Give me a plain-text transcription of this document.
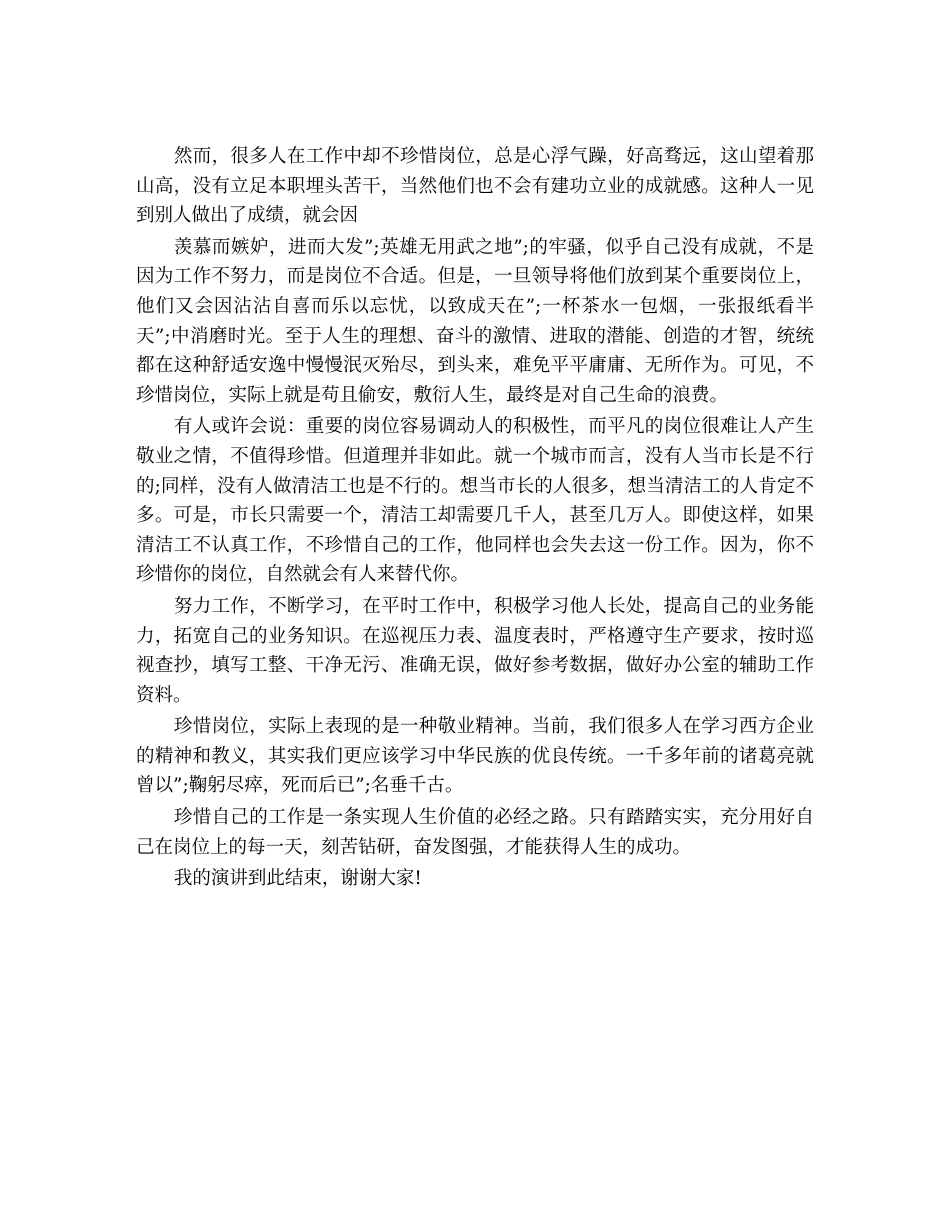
然而，很多人在工作中却不珍惜岗位，总是心浮气躁，好高骛远，这山望着那山高，没有立足本职埋头苦干，当然他们也不会有建功立业的成就感。这种人一见到别人做出了成绩，就会因

羡慕而嫉妒，进而大发”;英雄无用武之地”;的牢骚，似乎自己没有成就，不是因为工作不努力，而是岗位不合适。但是，一旦领导将他们放到某个重要岗位上，他们又会因沾沾自喜而乐以忘忧，以致成天在”;一杯茶水一包烟，一张报纸看半天”;中消磨时光。至于人生的理想、奋斗的激情、进取的潜能、创造的才智，统统都在这种舒适安逸中慢慢泯灭殆尽，到头来，难免平平庸庸、无所作为。可见，不珍惜岗位，实际上就是苟且偷安，敷衍人生，最终是对自己生命的浪费。

有人或许会说：重要的岗位容易调动人的积极性，而平凡的岗位很难让人产生敬业之情，不值得珍惜。但道理并非如此。就一个城市而言，没有人当市长是不行的;同样，没有人做清洁工也是不行的。想当市长的人很多，想当清洁工的人肯定不多。可是，市长只需要一个，清洁工却需要几千人，甚至几万人。即使这样，如果清洁工不认真工作，不珍惜自己的工作，他同样也会失去这一份工作。因为，你不珍惜你的岗位，自然就会有人来替代你。

努力工作，不断学习，在平时工作中，积极学习他人长处，提高自己的业务能力，拓宽自己的业务知识。在巡视压力表、温度表时，严格遵守生产要求，按时巡视查抄，填写工整、干净无污、准确无误，做好参考数据，做好办公室的辅助工作资料。

珍惜岗位，实际上表现的是一种敬业精神。当前，我们很多人在学习西方企业的精神和教义，其实我们更应该学习中华民族的优良传统。一千多年前的诸葛亮就曾以”;鞠躬尽瘁，死而后已”;名垂千古。

珍惜自己的工作是一条实现人生价值的必经之路。只有踏踏实实，充分用好自己在岗位上的每一天，刻苦钻研，奋发图强，才能获得人生的成功。

我的演讲到此结束，谢谢大家!
